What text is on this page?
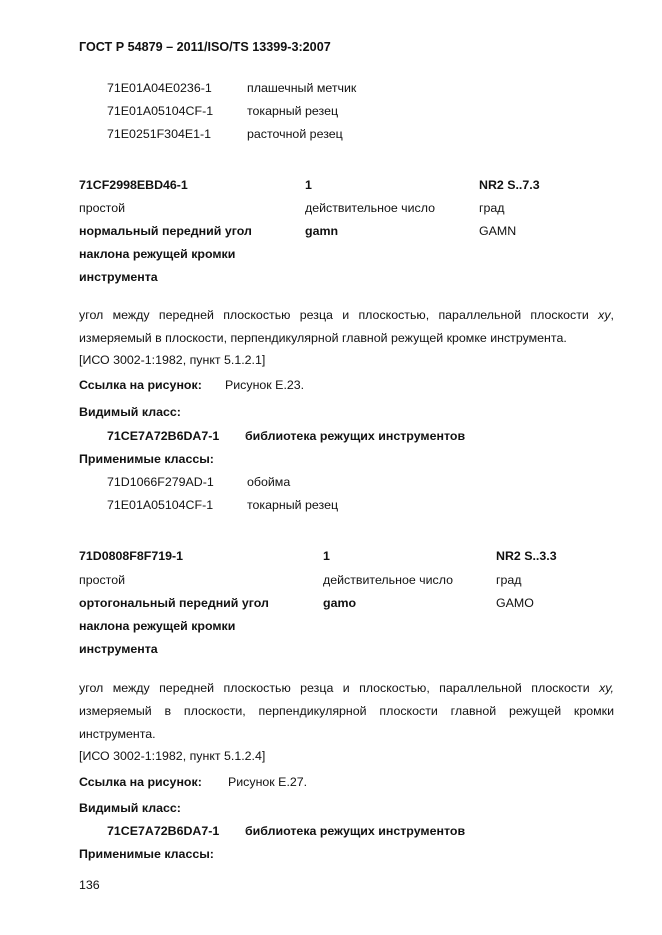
ГОСТ Р 54879 – 2011/ISO/TS 13399-3:2007
71E01A04E0236-1	плашечный метчик
71E01A05104CF-1	токарный резец
71E0251F304E1-1	расточной резец
71CF2998EBD46-1	1	NR2 S..7.3
простой	действительное число	град
нормальный передний угол	gamn	GAMN
наклона режущей кромки
инструмента
угол между передней плоскостью резца и плоскостью, параллельной плоскости xy,
измеряемый в плоскости, перпендикулярной главной режущей кромке инструмента.
[ИСО 3002-1:1982, пункт 5.1.2.1]
Ссылка на рисунок: Рисунок E.23.
Видимый класс:
71CE7A72B6DA7-1 библиотека режущих инструментов
Применимые классы:
71D1066F279AD-1	обойма
71E01A05104CF-1	токарный резец
71D0808F8F719-1	1	NR2 S..3.3
простой	действительное число	град
ортогональный передний угол	gamo	GAMO
наклона режущей кромки
инструмента
угол между передней плоскостью резца и плоскостью, параллельной плоскости xy,
измеряемый в плоскости, перпендикулярной плоскости главной режущей кромки
инструмента.
[ИСО 3002-1:1982, пункт 5.1.2.4]
Ссылка на рисунок: Рисунок E.27.
Видимый класс:
71CE7A72B6DA7-1 библиотека режущих инструментов
Применимые классы:
136
